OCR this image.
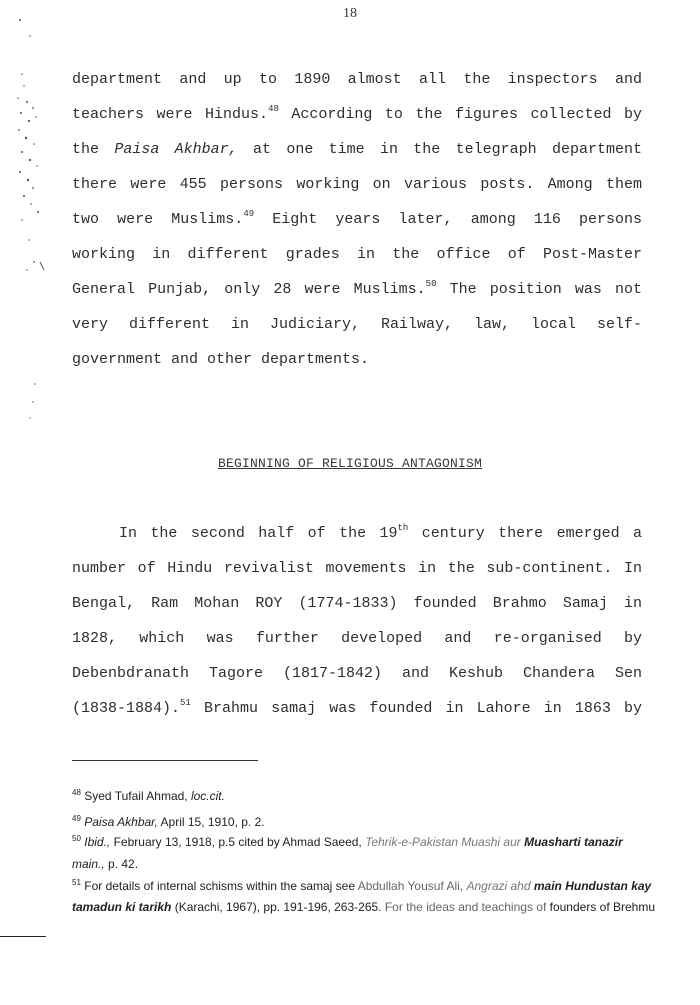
18
department and up to 1890 almost all the inspectors and
teachers were Hindus.$^{48}$ According to the figures collected by
the Paisa Akhbar, at one time in the telegraph department
there were 455 persons working on various posts. Among them
two were Muslims.$^{49}$ Eight years later, among 116 persons
working in different grades in the office of Post-Master
General Punjab, only 28 were Muslims.$^{50}$ The position was not
very different in Judiciary, Railway, law, local self-
government and other departments.
BEGINNING OF RELIGIOUS ANTAGONISM
In the second half of the 19th century there emerged a
number of Hindu revivalist movements in the sub-continent. In
Bengal, Ram Mohan ROY (1774-1833) founded Brahmo Samaj in
1828, which was further developed and re-organised by
Debenbdranath Tagore (1817-1842) and Keshub Chandera Sen
(1838-1884).$^{51}$ Brahmu samaj was founded in Lahore in 1863 by
$^{48}$ Syed Tufail Ahmad, loc.cit.
$^{49}$ Paisa Akhbar, April 15, 1910, p. 2.
$^{50}$ Ibid., February 13, 1918, p.5 cited by Ahmad Saeed, Tehrik-e-Pakistan Muashi aur Muasharti tanazir
main., p. 42.
$^{51}$ For details of internal schisms within the samaj see Abdullah Yousuf Ali, Angrazi ahd main Hundustan kay
tamadun ki tarikh (Karachi, 1967), pp. 191-196, 263-265. For the ideas and teachings of founders of Brehmu
